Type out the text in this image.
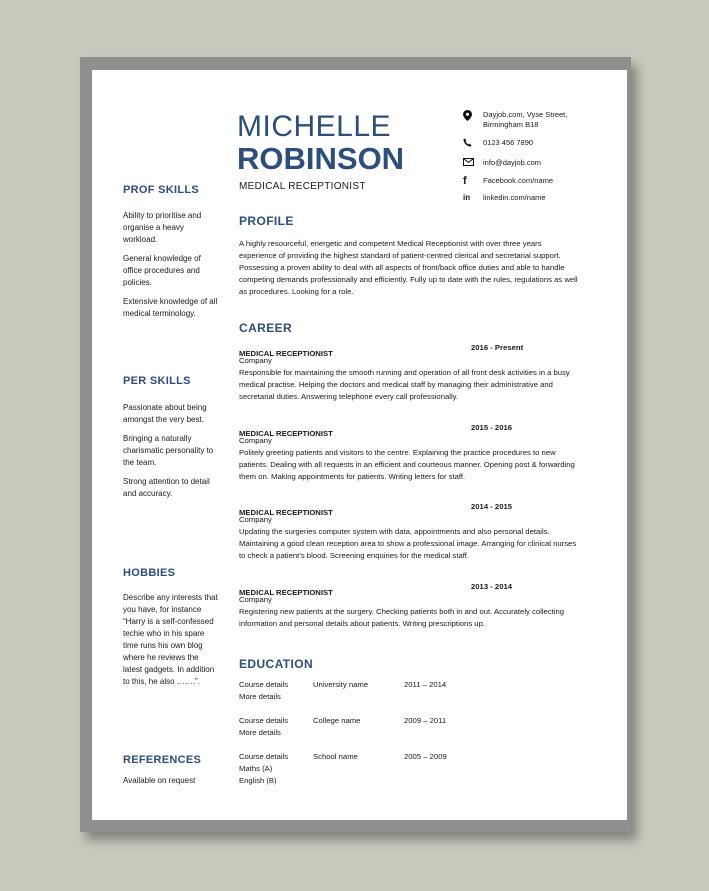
MICHELLE
ROBINSON
MEDICAL RECEPTIONIST
Dayjob.com, Vyse Street,
Birmingham B18
0123 456 7890
info@dayjob.com
f	Facebook.com/name
in	linkedin.com/name
PROF SKILLS

Ability to prioritise and organise a heavy workload.

General knowledge of office procedures and policies.

Extensive knowledge of all medical terminology.

PER SKILLS

Passionate about being amongst the very best.

Bringing a naturally charismatic personality to the team.

Strong attention to detail and accuracy.

HOBBIES
Describe any interests that you have, for instance “Harry is a self-confessed techie who in his spare time runs his own blog where he reviews the latest gadgets. In addition to this, he also …….”.
REFERENCES
Available on request
PROFILE
A highly resourceful, energetic and competent Medical Receptionist with over three years experience of providing the highest standard of patient-centred clerical and secretarial support. Possessing a proven ability to deal with all aspects of front/back office duties and able to handle competing demands professionally and efficiently. Fully up to date with the rules, regulations as well as procedures. Looking for a role.
CAREER
MEDICAL RECEPTIONIST
2016 - Present
Company
Responsible for maintaining the smooth running and operation of all front desk activities in a busy medical practise. Helping the doctors and medical staff by managing their administrative and secretarial duties. Answering telephone every call professionally.
MEDICAL RECEPTIONIST
2015 - 2016
Company
Politely greeting patients and visitors to the centre. Explaining the practice procedures to new patients. Dealing with all requests in an efficient and courteous manner. Opening post & forwarding them on. Making appointments for patients. Writing letters for staff.
MEDICAL RECEPTIONIST
2014 - 2015
Company
Updating the surgeries computer system with data, appointments and also personal details. Maintaining a good clean reception area to show a professional image. Arranging for clinical nurses to check a patient’s blood. Screening enquiries for the medical staff.
MEDICAL RECEPTIONIST
2013 - 2014
Company
Registering new patients at the surgery. Checking patients both in and out. Accurately collecting information and personal details about patients. Writing prescriptions up.
EDUCATION
Course details
More details
University name	2011 – 2014
Course details
More details
College name	2009 – 2011
Course details
Maths (A)
English (B)
School name	2005 – 2009
